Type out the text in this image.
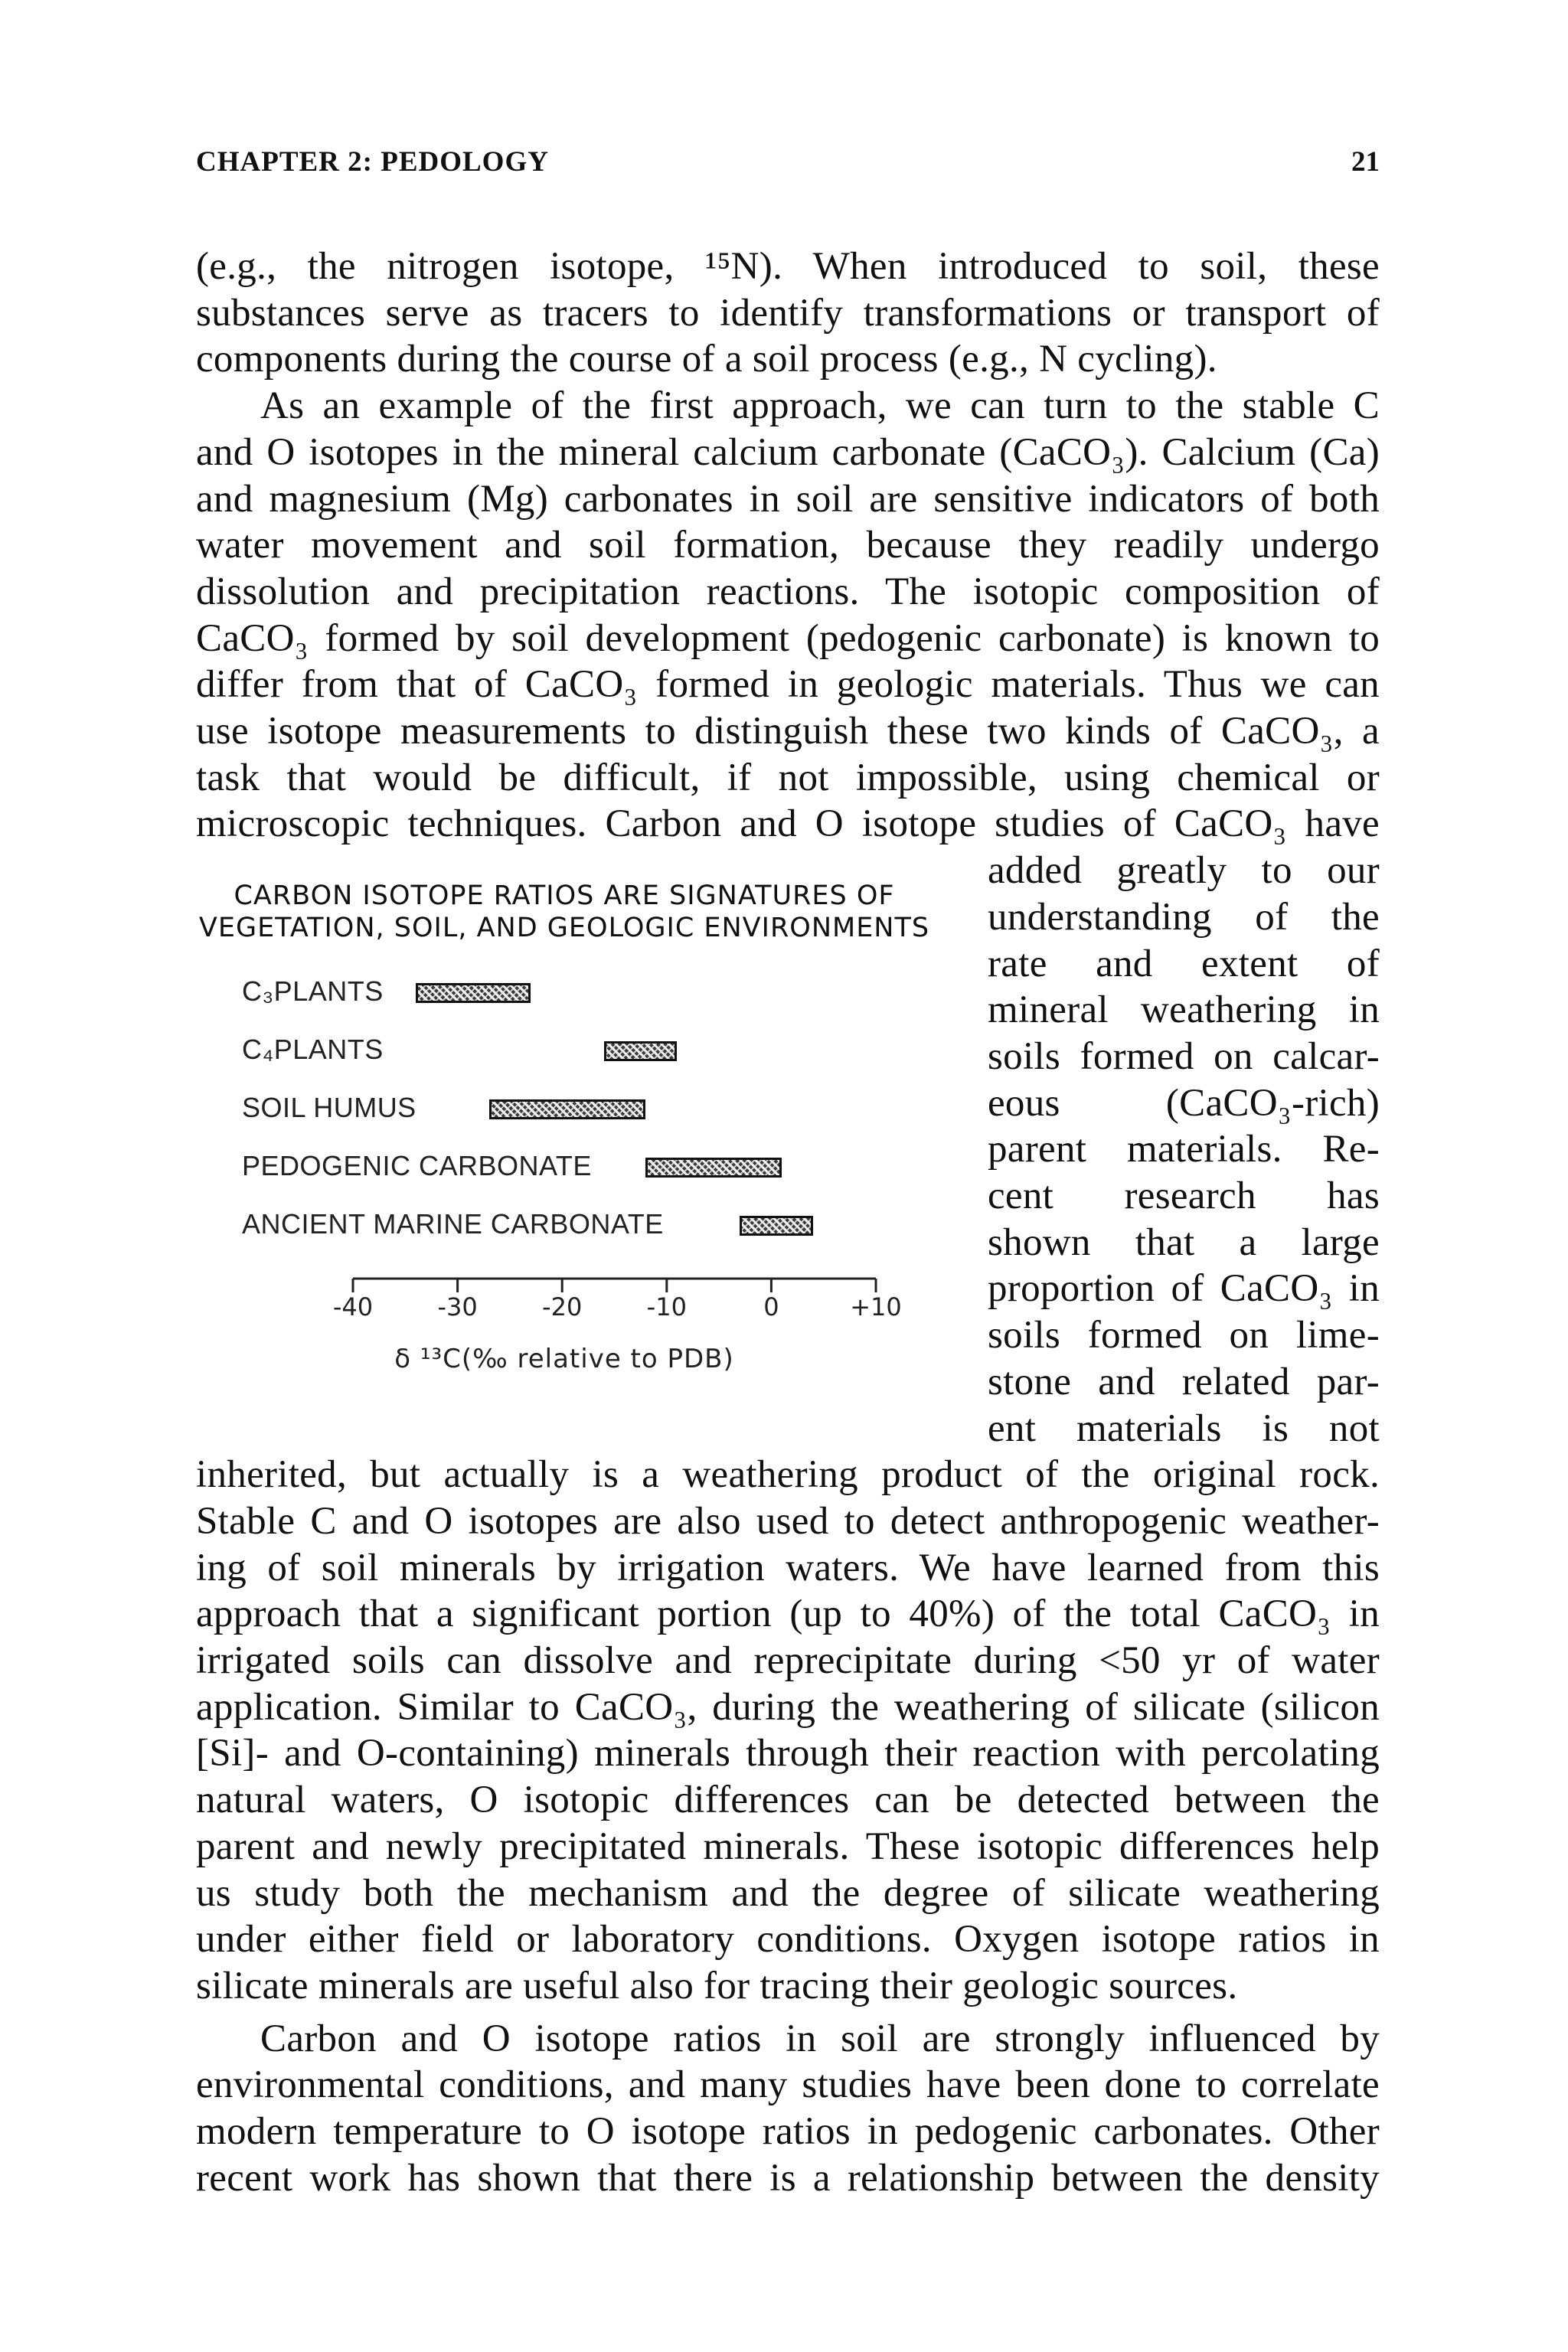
CHAPTER 2: PEDOLOGY	21
(e.g., the nitrogen isotope, ¹⁵N). When introduced to soil, these
substances serve as tracers to identify transformations or transport of
components during the course of a soil process (e.g., N cycling).
As an example of the first approach, we can turn to the stable C
and O isotopes in the mineral calcium carbonate (CaCO₃). Calcium (Ca)
and magnesium (Mg) carbonates in soil are sensitive indicators of both
water movement and soil formation, because they readily undergo
dissolution and precipitation reactions. The isotopic composition of
CaCO₃ formed by soil development (pedogenic carbonate) is known to
differ from that of CaCO₃ formed in geologic materials. Thus we can
use isotope measurements to distinguish these two kinds of CaCO₃, a
task that would be difficult, if not impossible, using chemical or
microscopic techniques. Carbon and O isotope studies of CaCO₃ have
added greatly to our
understanding of the
rate and extent of
mineral weathering in
soils formed on calcar-
eous (CaCO₃-rich)
parent materials. Re-
cent research has
shown that a large
proportion of CaCO₃ in
soils formed on lime-
stone and related par-
ent materials is not
inherited, but actually is a weathering product of the original rock.
Stable C and O isotopes are also used to detect anthropogenic weather-
ing of soil minerals by irrigation waters. We have learned from this
approach that a significant portion (up to 40%) of the total CaCO₃ in
irrigated soils can dissolve and reprecipitate during <50 yr of water
application. Similar to CaCO₃, during the weathering of silicate (silicon
[Si]- and O-containing) minerals through their reaction with percolating
natural waters, O isotopic differences can be detected between the
parent and newly precipitated minerals. These isotopic differences help
us study both the mechanism and the degree of silicate weathering
under either field or laboratory conditions. Oxygen isotope ratios in
silicate minerals are useful also for tracing their geologic sources.
Carbon and O isotope ratios in soil are strongly influenced by
environmental conditions, and many studies have been done to correlate
modern temperature to O isotope ratios in pedogenic carbonates. Other
recent work has shown that there is a relationship between the density
CARBON ISOTOPE RATIOS ARE SIGNATURES OF
VEGETATION, SOIL, AND GEOLOGIC ENVIRONMENTS
C₃PLANTS
C₄PLANTS
SOIL HUMUS
PEDOGENIC CARBONATE
ANCIENT MARINE CARBONATE
-40	-30	-20	-10	0	+10
δ ¹³C(‰ relative to PDB)
